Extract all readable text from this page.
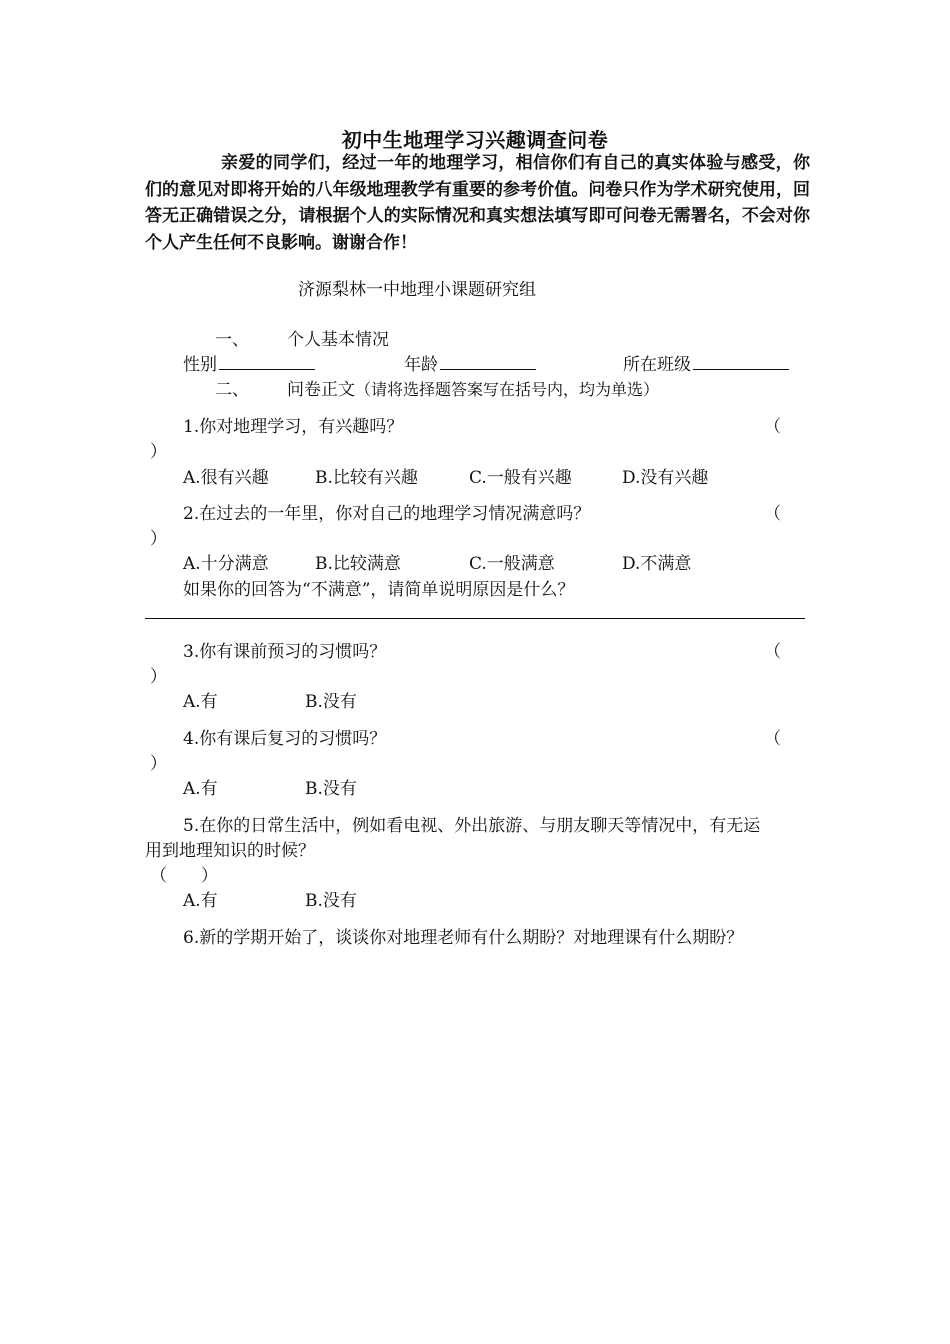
初中生地理学习兴趣调查问卷
亲爱的同学们，经过一年的地理学习，相信你们有自己的真实体验与感受，你们的意见对即将开始的八年级地理教学有重要的参考价值。问卷只作为学术研究使用，回答无正确错误之分，请根据个人的实际情况和真实想法填写即可问卷无需署名，不会对你个人产生任何不良影响。谢谢合作！
济源梨林一中地理小课题研究组
一、 个人基本情况
性别	年龄	所在班级
二、 问卷正文（请将选择题答案写在括号内，均为单选）
1.你对地理学习，有兴趣吗？	（
）
A.很有兴趣	B.比较有兴趣	C.一般有兴趣	D.没有兴趣
2.在过去的一年里，你对自己的地理学习情况满意吗？	（
）
A.十分满意	B.比较满意	C.一般满意	D.不满意
如果你的回答为“不满意”，请简单说明原因是什么？
3.你有课前预习的习惯吗？	（
）
A.有	B.没有
4.你有课后复习的习惯吗？	（
）
A.有	B.没有
5.在你的日常生活中，例如看电视、外出旅游、与朋友聊天等情况中，有无运
用到地理知识的时候？
（　　）
A.有	B.没有
6.新的学期开始了，谈谈你对地理老师有什么期盼？对地理课有什么期盼？
